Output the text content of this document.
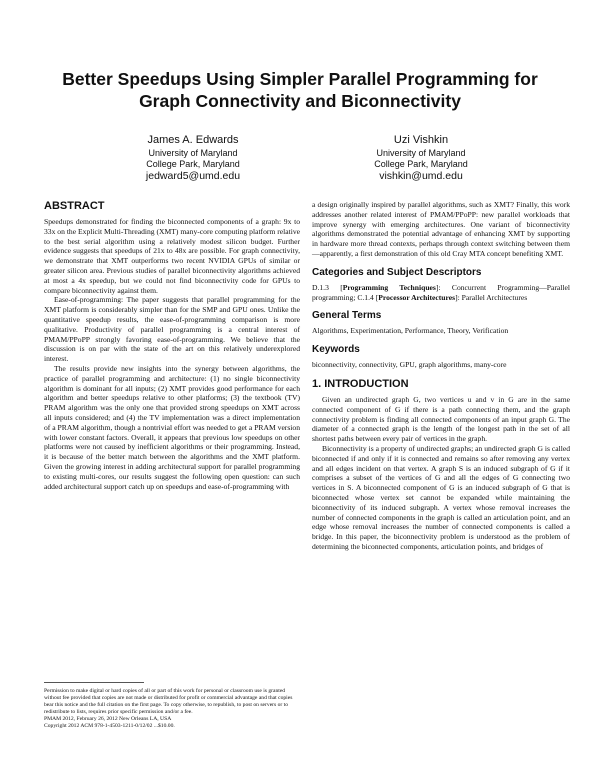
Better Speedups Using Simpler Parallel Programming for Graph Connectivity and Biconnectivity
James A. Edwards
University of Maryland
College Park, Maryland
jedward5@umd.edu
Uzi Vishkin
University of Maryland
College Park, Maryland
vishkin@umd.edu
ABSTRACT

Speedups demonstrated for finding the biconnected components of a graph: 9x to 33x on the Explicit Multi-Threading (XMT) many-core computing platform relative to the best serial algorithm using a relatively modest silicon budget. Further evidence suggests that speedups of 21x to 48x are possible. For graph connectivity, we demonstrate that XMT outperforms two recent NVIDIA GPUs of similar or greater silicon area. Previous studies of parallel biconnectivity algorithms achieved at most a 4x speedup, but we could not find biconnectivity code for GPUs to compare biconnectivity against them.

Ease-of-programming: The paper suggests that parallel programming for the XMT platform is considerably simpler than for the SMP and GPU ones. Unlike the quantitative speedup results, the ease-of-programming comparison is more qualitative. Productivity of parallel programming is a central interest of PMAM/PPoPP strongly favoring ease-of-programming. We believe that the discussion is on par with the state of the art on this relatively underexplored interest.

The results provide new insights into the synergy between algorithms, the practice of parallel programming and architecture: (1) no single biconnectivity algorithm is dominant for all inputs; (2) XMT provides good performance for each algorithm and better speedups relative to other platforms; (3) the textbook (TV) PRAM algorithm was the only one that provided strong speedups on XMT across all inputs considered; and (4) the TV implementation was a direct implementation of a PRAM algorithm, though a nontrivial effort was needed to get a PRAM version with lower constant factors. Overall, it appears that previous low speedups on other platforms were not caused by inefficient algorithms or their programming. Instead, it is because of the better match between the algorithms and the XMT platform. Given the growing interest in adding architectural support for parallel programming to existing multi-cores, our results suggest the following open question: can such added architectural support catch up on speedups and ease-of-programming with

a design originally inspired by parallel algorithms, such as XMT? Finally, this work addresses another related interest of PMAM/PPoPP: new parallel workloads that improve synergy with emerging architectures. One variant of biconnectivity algorithms demonstrated the potential advantage of enhancing XMT by supporting in hardware more thread contexts, perhaps through context switching between them—apparently, a first demonstration of this old Cray MTA concept benefiting XMT.

Categories and Subject Descriptors

D.1.3 [Programming Techniques]: Concurrent Programming—Parallel programming; C.1.4 [Processor Architectures]: Parallel Architectures

General Terms

Algorithms, Experimentation, Performance, Theory, Verification

Keywords

biconnectivity, connectivity, GPU, graph algorithms, many-core

1. INTRODUCTION

Given an undirected graph G, two vertices u and v in G are in the same connected component of G if there is a path connecting them, and the graph connectivity problem is finding all connected components of an input graph G. The diameter of a connected graph is the length of the longest path in the set of all shortest paths between every pair of vertices in the graph.

Biconnectivity is a property of undirected graphs; an undirected graph G is called biconnected if and only if it is connected and remains so after removing any vertex and all edges incident on that vertex. A graph S is an induced subgraph of G if it comprises a subset of the vertices of G and all the edges of G connecting two vertices in S. A biconnected component of G is an induced subgraph of G that is biconnected whose vertex set cannot be expanded while maintaining the biconnectivity of its induced subgraph. A vertex whose removal increases the number of connected components in the graph is called an articulation point, and an edge whose removal increases the number of connected components is called a bridge. In this paper, the biconnectivity problem is understood as the problem of determining the biconnected components, articulation points, and bridges of

Permission to make digital or hard copies of all or part of this work for personal or classroom use is granted without fee provided that copies are not made or distributed for profit or commercial advantage and that copies bear this notice and the full citation on the first page. To copy otherwise, to republish, to post on servers or to redistribute to lists, requires prior specific permission and/or a fee.

PMAM 2012, February 26, 2012 New Orleans LA, USA

Copyright 2012 ACM 978-1-4503-1211-0/12/02 ...$10.00.
